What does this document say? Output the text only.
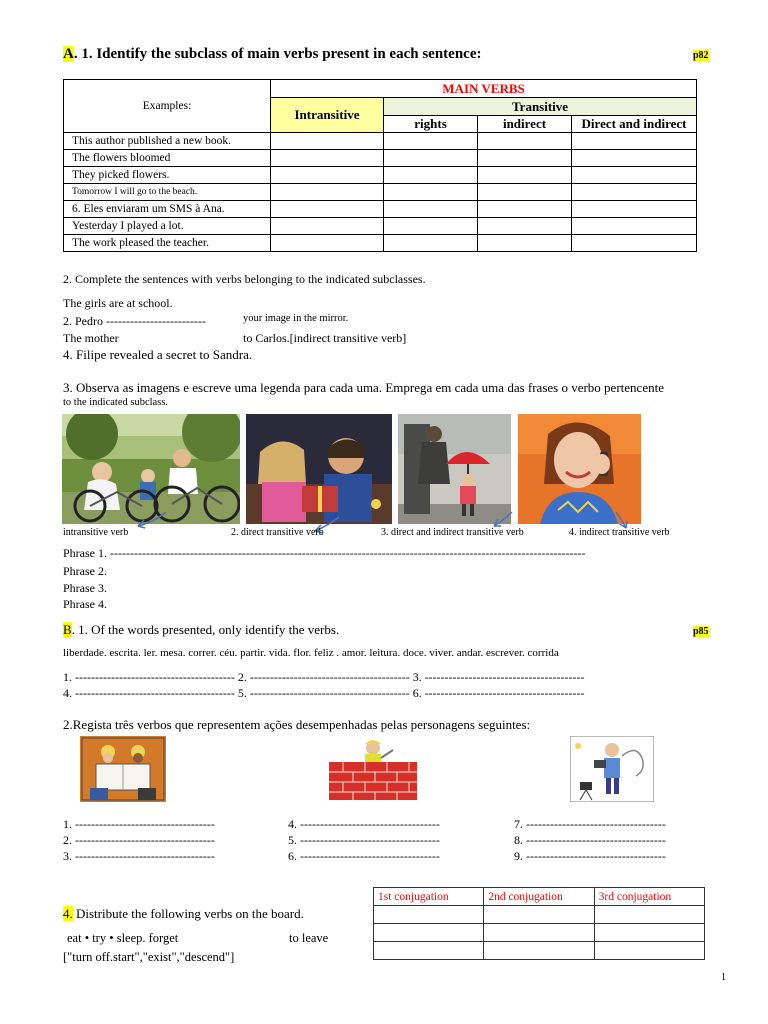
A. 1. Identify the subclass of main verbs present in each sentence:	p82
Examples:	MAIN VERBS			
	Intransitive	Transitive		
		rights	indirect	Direct and indirect
This author published a new book.				
The flowers bloomed				
They picked flowers.				
Tomorrow I will go to the beach.				
6. Eles enviaram um SMS à Ana.				
Yesterday I played a lot.				
The work pleased the teacher.				
2. Complete the sentences with verbs belonging to the indicated subclasses.
The girls are at school.
2. Pedro -------------------------	your image in the mirror.
The mother	to Carlos.[indirect transitive verb]
4. Filipe revealed a secret to Sandra.
3. Observa as imagens e escreve uma legenda para cada uma. Emprega em cada uma das frases o verbo pertencente
to the indicated subclass.
intransitive verb	2. direct transitive verb	3. direct and indirect transitive verb	4. indirect transitive verb
Phrase 1. -----------------------------------------------------------------------------------------------------------------------
Phrase 2.
Phrase 3.
Phrase 4.
B. 1. Of the words presented, only identify the verbs.	p85
liberdade. escrita. ler. mesa. correr. céu. partir. vida. flor. feliz . amor. leitura. doce. viver. andar. escrever. corrida
1. ---------------------------------------- 2. ---------------------------------------- 3. ----------------------------------------
4. ---------------------------------------- 5. ---------------------------------------- 6. ----------------------------------------
2.Regista três verbos que representem ações desempenhadas pelas personagens seguintes:
1. -----------------------------------
2. -----------------------------------
3. -----------------------------------
4. -----------------------------------
5. -----------------------------------
6. -----------------------------------
7. -----------------------------------
8. -----------------------------------
9. -----------------------------------
4. Distribute the following verbs on the board.
eat • try • sleep. forget	to leave
["turn off.start","exist","descend"]
1st conjugation	2nd conjugation	3rd conjugation

1
